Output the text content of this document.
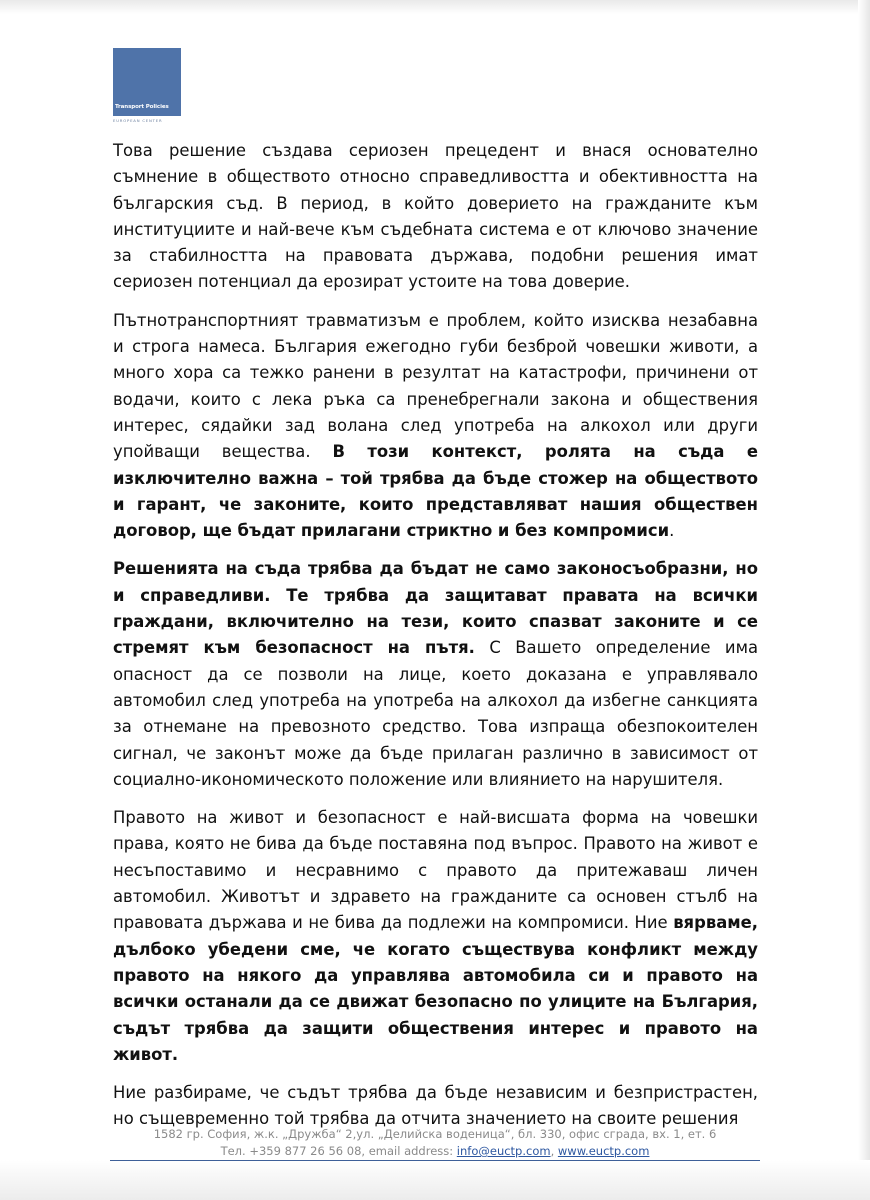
Transport Policies
EUROPEAN CENTER

Това решение създава сериозен прецедент и внася основателно съмнение в обществото относно справедливостта и обективността на българския съд. В период, в който доверието на гражданите към институциите и най-вече към съдебната система е от ключово значение за стабилността на правовата държава, подобни решения имат сериозен потенциал да ерозират устоите на това доверие.

Пътнотранспортният травматизъм е проблем, който изисква незабавна и строга намеса. България ежегодно губи безброй човешки животи, а много хора са тежко ранени в резултат на катастрофи, причинени от водачи, които с лека ръка са пренебрегнали закона и обществения интерес, сядайки зад волана след употреба на алкохол или други упойващи вещества. В този контекст, ролята на съда е изключително важна – той трябва да бъде стожер на обществото и гарант, че законите, които представляват нашия обществен договор, ще бъдат прилагани стриктно и без компромиси.

Решенията на съда трябва да бъдат не само законосъобразни, но и справедливи. Те трябва да защитават правата на всички граждани, включително на тези, които спазват законите и се стремят към безопасност на пътя. С Вашето определение има опасност да се позволи на лице, което доказана е управлявало автомобил след употреба на употреба на алкохол да избегне санкцията за отнемане на превозното средство. Това изпраща обезпокоителен сигнал, че законът може да бъде прилаган различно в зависимост от социално-икономическото положение или влиянието на нарушителя.

Правото на живот и безопасност е най-висшата форма на човешки права, която не бива да бъде поставяна под въпрос. Правото на живот е несъпоставимо и несравнимо с правото да притежаваш личен автомобил. Животът и здравето на гражданите са основен стълб на правовата държава и не бива да подлежи на компромиси. Ние вярваме, дълбоко убедени сме, че когато съществува конфликт между правото на някого да управлява автомобила си и правото на всички останали да се движат безопасно по улиците на България, съдът трябва да защити обществения интерес и правото на живот.

Ние разбираме, че съдът трябва да бъде независим и безпристрастен, но същевременно той трябва да отчита значението на своите решения

1582 гр. София, ж.к. „Дружба“ 2,ул. „Делийска воденица“, бл. 330, офис сграда, вх. 1, ет. 6
Тел. +359 877 26 56 08, email address: info@euctp.com, www.euctp.com
